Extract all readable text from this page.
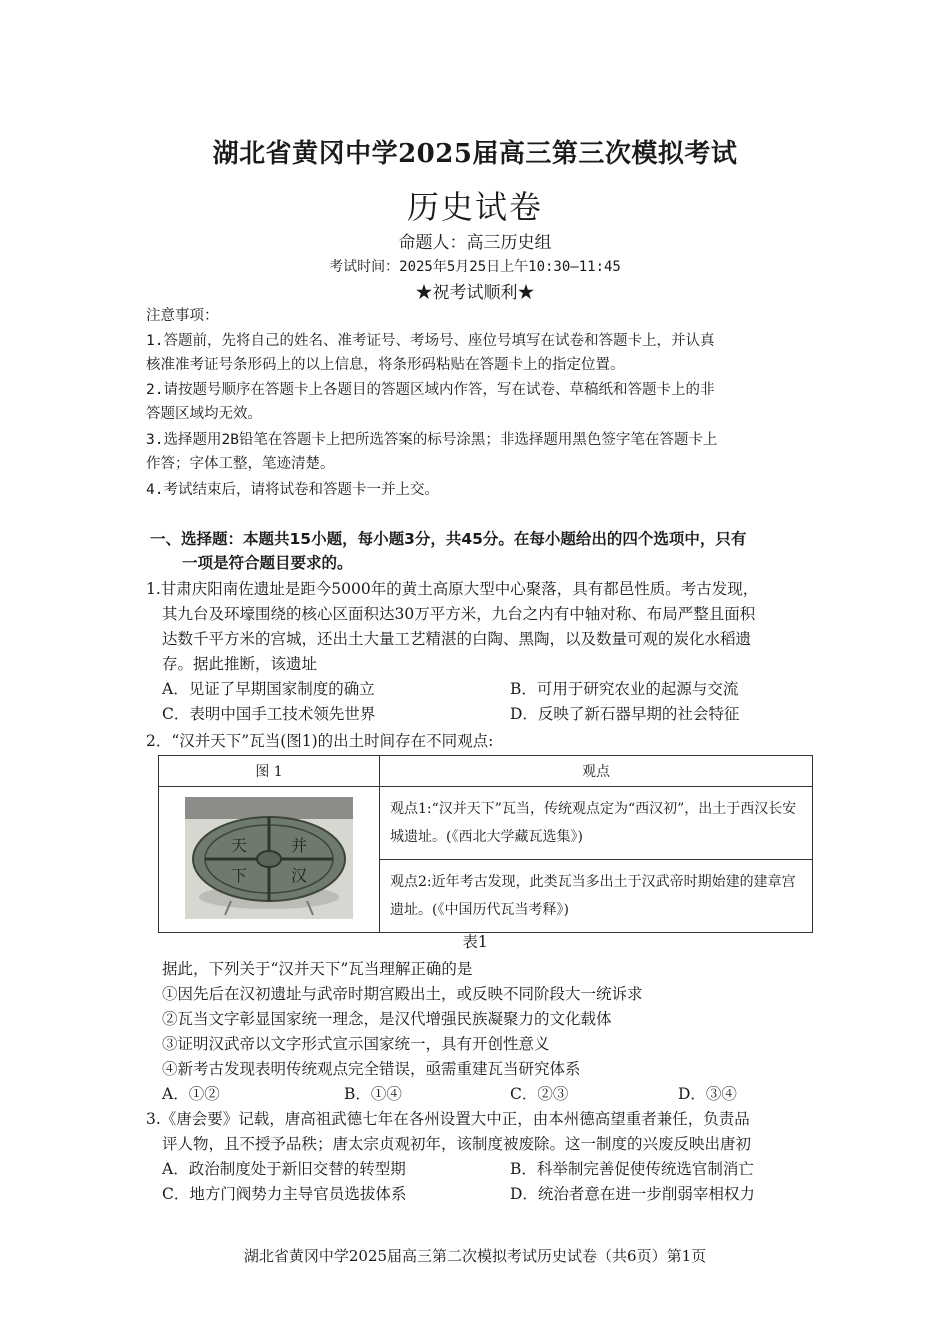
湖北省黄冈中学2025届高三第三次模拟考试
历史试卷
命题人：高三历史组
考试时间：2025年5月25日上午10:30—11:45
★祝考试顺利★
注意事项：
1.答题前，先将自己的姓名、准考证号、考场号、座位号填写在试卷和答题卡上，并认真
核准准考证号条形码上的以上信息，将条形码粘贴在答题卡上的指定位置。
2.请按题号顺序在答题卡上各题目的答题区域内作答，写在试卷、草稿纸和答题卡上的非
答题区域均无效。
3.选择题用2B铅笔在答题卡上把所选答案的标号涂黑；非选择题用黑色签字笔在答题卡上
作答；字体工整，笔迹清楚。
4.考试结束后，请将试卷和答题卡一并上交。
一、选择题：本题共15小题，每小题3分，共45分。在每小题给出的四个选项中，只有
一项是符合题目要求的。
1.甘肃庆阳南佐遗址是距今5000年的黄土高原大型中心聚落，具有都邑性质。考古发现，
其九台及环壕围绕的核心区面积达30万平方米，九台之内有中轴对称、布局严整且面积
达数千平方米的宫城，还出土大量工艺精湛的白陶、黑陶，以及数量可观的炭化水稻遗
存。据此推断，该遗址
A．见证了早期国家制度的确立	B．可用于研究农业的起源与交流
C．表明中国手工技术领先世界	D．反映了新石器早期的社会特征
2．“汉并天下”瓦当(图1)的出土时间存在不同观点:
图 1	观点

天 并
下 汉	观点1:“汉并天下”瓦当，传统观点定为“西汉初”，出土于西汉长安城遗址。(《西北大学藏瓦选集》)
	观点2:近年考古发现，此类瓦当多出土于汉武帝时期始建的建章宫遗址。(《中国历代瓦当考释》)
表1
据此，下列关于“汉并天下”瓦当理解正确的是
①因先后在汉初遗址与武帝时期宫殿出土，或反映不同阶段大一统诉求
②瓦当文字彰显国家统一理念，是汉代增强民族凝聚力的文化载体
③证明汉武帝以文字形式宣示国家统一，具有开创性意义
④新考古发现表明传统观点完全错误，亟需重建瓦当研究体系
A．①②	B．①④	C．②③	D．③④
3.《唐会要》记载，唐高祖武德七年在各州设置大中正，由本州德高望重者兼任，负责品
评人物，且不授予品秩；唐太宗贞观初年，该制度被废除。这一制度的兴废反映出唐初
A．政治制度处于新旧交替的转型期	B．科举制完善促使传统选官制消亡
C．地方门阀势力主导官员选拔体系	D．统治者意在进一步削弱宰相权力
湖北省黄冈中学2025届高三第二次模拟考试历史试卷（共6页）第1页
